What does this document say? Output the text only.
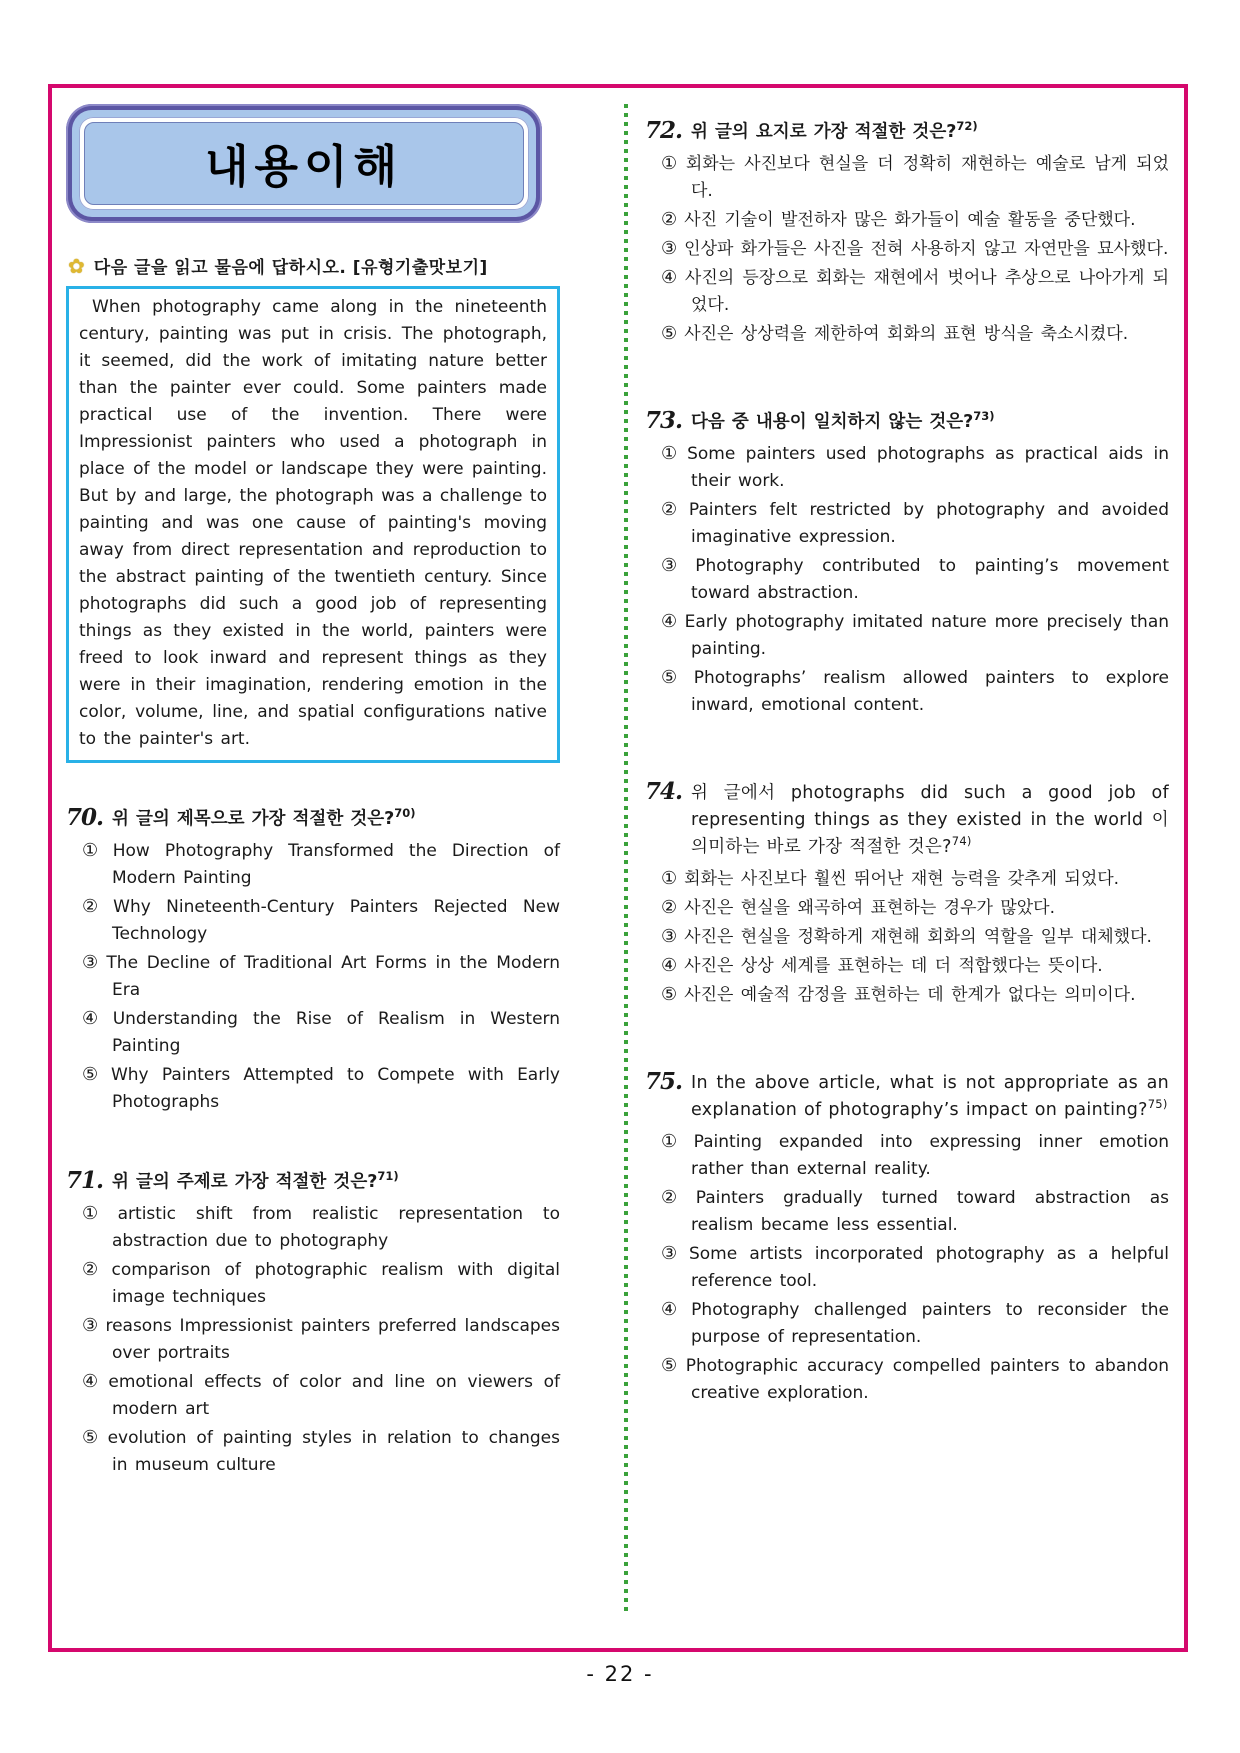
내용이해
✿ 다음 글을 읽고 물음에 답하시오. [유형기출맛보기]

When photography came along in the nineteenth century, painting was put in crisis. The photograph, it seemed, did the work of imitating nature better than the painter ever could. Some painters made practical use of the invention. There were Impressionist painters who used a photograph in place of the model or landscape they were painting. But by and large, the photograph was a challenge to painting and was one cause of painting's moving away from direct representation and reproduction to the abstract painting of the twentieth century. Since photographs did such a good job of representing things as they existed in the world, painters were freed to look inward and represent things as they were in their imagination, rendering emotion in the color, volume, line, and spatial configurations native to the painter's art.

70. 위 글의 제목으로 가장 적절한 것은?$^{70)}$
① How Photography Transformed the Direction of Modern Painting
② Why Nineteenth-Century Painters Rejected New Technology
③ The Decline of Traditional Art Forms in the Modern Era
④ Understanding the Rise of Realism in Western Painting
⑤ Why Painters Attempted to Compete with Early Photographs
71. 위 글의 주제로 가장 적절한 것은?$^{71)}$
① artistic shift from realistic representation to abstraction due to photography
② comparison of photographic realism with digital image techniques
③ reasons Impressionist painters preferred landscapes over portraits
④ emotional effects of color and line on viewers of modern art
⑤ evolution of painting styles in relation to changes in museum culture
72. 위 글의 요지로 가장 적절한 것은?$^{72)}$
① 회화는 사진보다 현실을 더 정확히 재현하는 예술로 남게 되었다.
② 사진 기술이 발전하자 많은 화가들이 예술 활동을 중단했다.
③ 인상파 화가들은 사진을 전혀 사용하지 않고 자연만을 묘사했다.
④ 사진의 등장으로 회화는 재현에서 벗어나 추상으로 나아가게 되었다.
⑤ 사진은 상상력을 제한하여 회화의 표현 방식을 축소시켰다.
73. 다음 중 내용이 일치하지 않는 것은?$^{73)}$
① Some painters used photographs as practical aids in their work.
② Painters felt restricted by photography and avoided imaginative expression.
③ Photography contributed to painting’s movement toward abstraction.
④ Early photography imitated nature more precisely than painting.
⑤ Photographs’ realism allowed painters to explore inward, emotional content.
74. 위 글에서 photographs did such a good job of representing things as they existed in the world 이 의미하는 바로 가장 적절한 것은?$^{74)}$
① 회화는 사진보다 훨씬 뛰어난 재현 능력을 갖추게 되었다.
② 사진은 현실을 왜곡하여 표현하는 경우가 많았다.
③ 사진은 현실을 정확하게 재현해 회화의 역할을 일부 대체했다.
④ 사진은 상상 세계를 표현하는 데 더 적합했다는 뜻이다.
⑤ 사진은 예술적 감정을 표현하는 데 한계가 없다는 의미이다.
75. In the above article, what is not appropriate as an explanation of photography’s impact on painting?$^{75)}$
① Painting expanded into expressing inner emotion rather than external reality.
② Painters gradually turned toward abstraction as realism became less essential.
③ Some artists incorporated photography as a helpful reference tool.
④ Photography challenged painters to reconsider the purpose of representation.
⑤ Photographic accuracy compelled painters to abandon creative exploration.
- 22 -
